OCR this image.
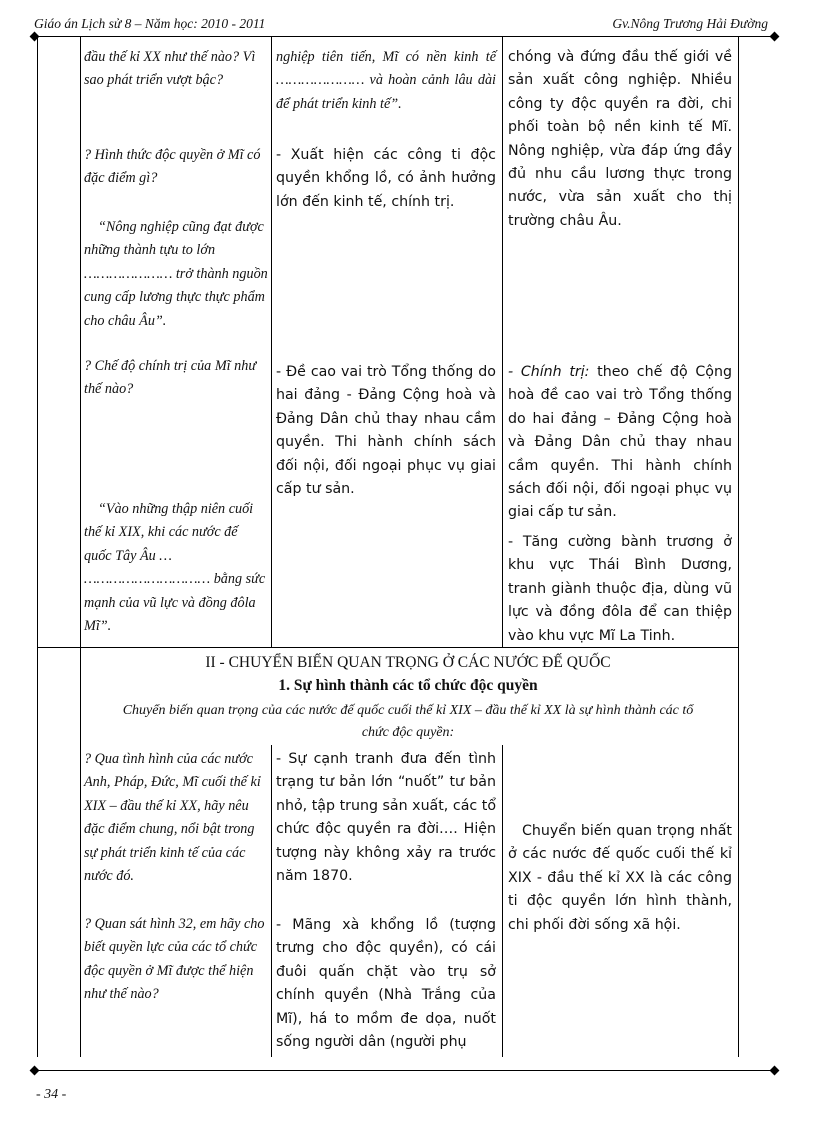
Giáo án Lịch sử 8 – Năm học: 2010 - 2011	Gv.Nông Trương Hải Đường
đầu thế kỉ XX như thế nào? Vì sao phát triển vượt bậc?
? Hình thức độc quyền ở Mĩ có đặc điểm gì?
“Nông nghiệp cũng đạt được những thành tựu to lớn ………………… trở thành nguồn cung cấp lương thực thực phẩm cho châu Âu”.
? Chế độ chính trị của Mĩ như thế nào?
“Vào những thập niên cuối thế kỉ XIX, khi các nước đế quốc Tây Âu … ………………………… bằng sức mạnh của vũ lực và đồng đôla Mĩ”.
nghiệp tiên tiến, Mĩ có nền kinh tế ………………… và hoàn cảnh lâu dài để phát triển kinh tế”.
- Xuất hiện các công ti độc quyền khổng lồ, có ảnh hưởng lớn đến kinh tế, chính trị.
- Đề cao vai trò Tổng thống do hai đảng - Đảng Cộng hoà và Đảng Dân chủ thay nhau cầm quyền. Thi hành chính sách đối nội, đối ngoại phục vụ giai cấp tư sản.
chóng và đứng đầu thế giới về sản xuất công nghiệp. Nhiều công ty độc quyền ra đời, chi phối toàn bộ nền kinh tế Mĩ. Nông nghiệp, vừa đáp ứng đầy đủ nhu cầu lương thực trong nước, vừa sản xuất cho thị trường châu Âu.

- Chính trị: theo chế độ Cộng hoà đề cao vai trò Tổng thống do hai đảng – Đảng Cộng hoà và Đảng Dân chủ thay nhau cầm quyền. Thi hành chính sách đối nội, đối ngoại phục vụ giai cấp tư sản.

- Tăng cường bành trương ở khu vực Thái Bình Dương, tranh giành thuộc địa, dùng vũ lực và đồng đôla để can thiệp vào khu vực Mĩ La Tinh.
II - CHUYỂN BIẾN QUAN TRỌNG Ở CÁC NƯỚC ĐẾ QUỐC
1. Sự hình thành các tổ chức độc quyền
Chuyển biến quan trọng của các nước đế quốc cuối thế kỉ XIX – đầu thế kỉ XX là sự hình thành các tổ chức độc quyền:
? Qua tình hình của các nước Anh, Pháp, Đức, Mĩ cuối thế kỉ XIX – đầu thế kỉ XX, hãy nêu đặc điểm chung, nổi bật trong sự phát triển kinh tế của các nước đó.
? Quan sát hình 32, em hãy cho biết quyền lực của các tổ chức độc quyền ở Mĩ được thể hiện như thế nào?
- Sự cạnh tranh đưa đến tình trạng tư bản lớn “nuốt” tư bản nhỏ, tập trung sản xuất, các tổ chức độc quyền ra đời…. Hiện tượng này không xảy ra trước năm 1870.
- Mãng xà khổng lồ (tượng trưng cho độc quyền), có cái đuôi quấn chặt vào trụ sở chính quyền (Nhà Trắng của Mĩ), há to mồm đe dọa, nuốt sống người dân (người phụ
Chuyển biến quan trọng nhất ở các nước đế quốc cuối thế kỉ XIX - đầu thế kỉ XX là các công ti độc quyền lớn hình thành, chi phối đời sống xã hội.
- 34 -
